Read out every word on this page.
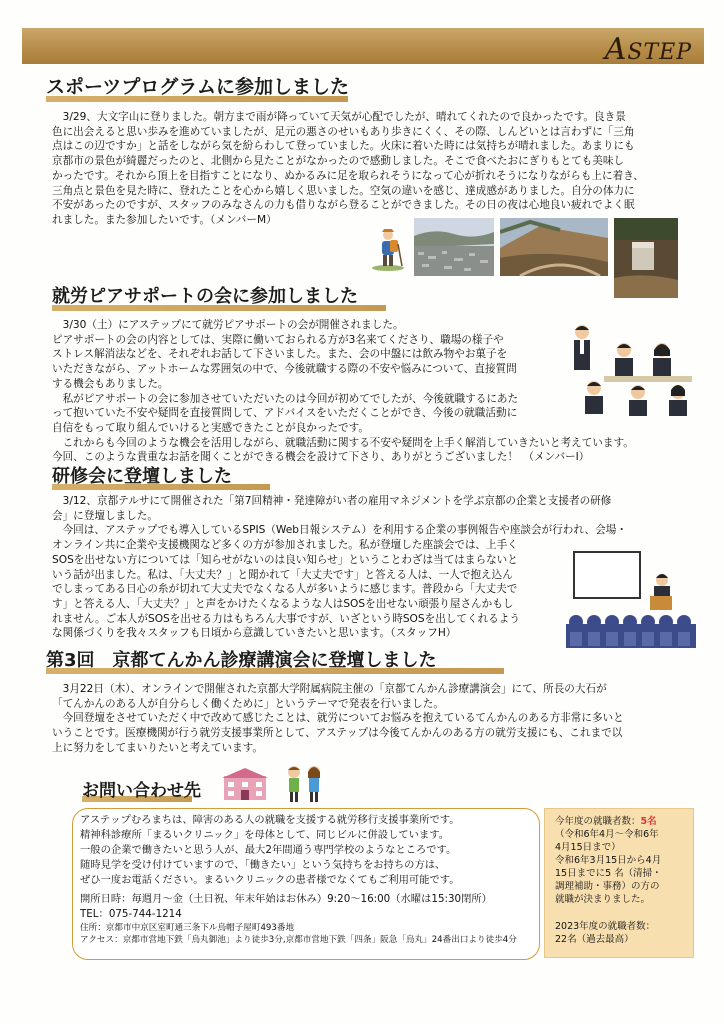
ASTEP
スポーツプログラムに参加しました

3/29、大文字山に登りました。朝方まで雨が降っていて天気が心配でしたが、晴れてくれたので良かったです。良き景

色に出会えると思い歩みを進めていましたが、足元の悪さのせいもあり歩きにくく、その際、しんどいとは言わずに「三角

点はこの辺ですか」と話をしながら気を紛らわして登っていました。火床に着いた時には気持ちが晴れました。あまりにも

京都市の景色が綺麗だったのと、北側から見たことがなかったので感動しました。そこで食べたおにぎりもとても美味し

かったです。それから頂上を目指すことになり、ぬかるみに足を取られそうになって心が折れそうになりながらも上に着き、

三角点と景色を見た時に、登れたことを心から嬉しく思いました。空気の違いを感じ、達成感がありました。自分の体力に

不安があったのですが、スタッフのみなさんの力も借りながら登ることができました。その日の夜は心地良い疲れでよく眠

れました。また参加したいです。（メンバーM）

就労ピアサポートの会に参加しました

3/30（土）にアステップにて就労ピアサポートの会が開催されました。

ピアサポートの会の内容としては、実際に働いておられる方が3名来てくださり、職場の様子や

ストレス解消法などを、それぞれお話して下さいました。また、会の中盤には飲み物やお菓子を

いただきながら、アットホームな雰囲気の中で、今後就職する際の不安や悩みについて、直接質問

する機会もありました。

私がピアサポートの会に参加させていただいたのは今回が初めてでしたが、今後就職するにあた

って抱いていた不安や疑問を直接質問して、アドバイスをいただくことができ、今後の就職活動に

自信をもって取り組んでいけると実感できたことが良かったです。

これからも今回のような機会を活用しながら、就職活動に関する不安や疑問を上手く解消していきたいと考えています。

今回、このような貴重なお話を聞くことができる機会を設けて下さり、ありがとうございました！　（メンバーI）

研修会に登壇しました

3/12、京都テルサにて開催された「第7回精神・発達障がい者の雇用マネジメントを学ぶ京都の企業と支援者の研修

会」に登壇しました。

今回は、アステップでも導入しているSPIS（Web日報システム）を利用する企業の事例報告や座談会が行われ、会場・

オンライン共に企業や支援機関など多くの方が参加されました。私が登壇した座談会では、上手く

SOSを出せない方については「知らせがないのは良い知らせ」ということわざは当てはまらないと

いう話が出ました。私は、「大丈夫？」と聞かれて「大丈夫です」と答える人は、一人で抱え込ん

でしまってある日心の糸が切れて大丈夫でなくなる人が多いように感じます。普段から「大丈夫で

す」と答える人、「大丈夫？」と声をかけたくなるような人はSOSを出せない頑張り屋さんかもし

れません。ご本人がSOSを出せる力はもちろん大事ですが、いざという時SOSを出してくれるよう

な関係づくりを我々スタッフも日頃から意識していきたいと思います。（スタッフH）

第3回　京都てんかん診療講演会に登壇しました

3月22日（木）、オンラインで開催された京都大学附属病院主催の「京都てんかん診療講演会」にて、所長の大石が

「てんかんのある人が自分らしく働くために」というテーマで発表を行いました。

今回登壇をさせていただく中で改めて感じたことは、就労についてお悩みを抱えているてんかんのある方非常に多いと

いうことです。医療機関が行う就労支援事業所として、アステップは今後てんかんのある方の就労支援にも、これまで以

上に努力をしてまいりたいと考えています。

お問い合わせ先
アステップむろまちは、障害のある人の就職を支援する就労移行支援事業所です。
精神科診療所「まるいクリニック」を母体として、同じビルに併設しています。
一般の企業で働きたいと思う人が、最大2年間通う専門学校のようなところです。
随時見学を受け付けていますので、「働きたい」という気持ちをお持ちの方は、
ぜひ一度お電話ください。まるいクリニックの患者様でなくてもご利用可能です。
開所日時：毎週月～金（土日祝、年末年始はお休み）9:20～16:00（水曜は15:30閉所）
TEL：075-744-1214
住所：京都市中京区室町通三条下ル烏帽子屋町493番地
アクセス：京都市営地下鉄「烏丸御池」より徒歩3分,京都市営地下鉄「四条」阪急「烏丸」24番出口より徒歩4分
今年度の就職者数：5名
（令和6年4月～令和6年
4月15日まで）
令和6年3月15日から4月
15日までに5 名（清掃・
調理補助・事務）の方の
就職が決まりました。
2023年度の就職者数：
22名（過去最高）
